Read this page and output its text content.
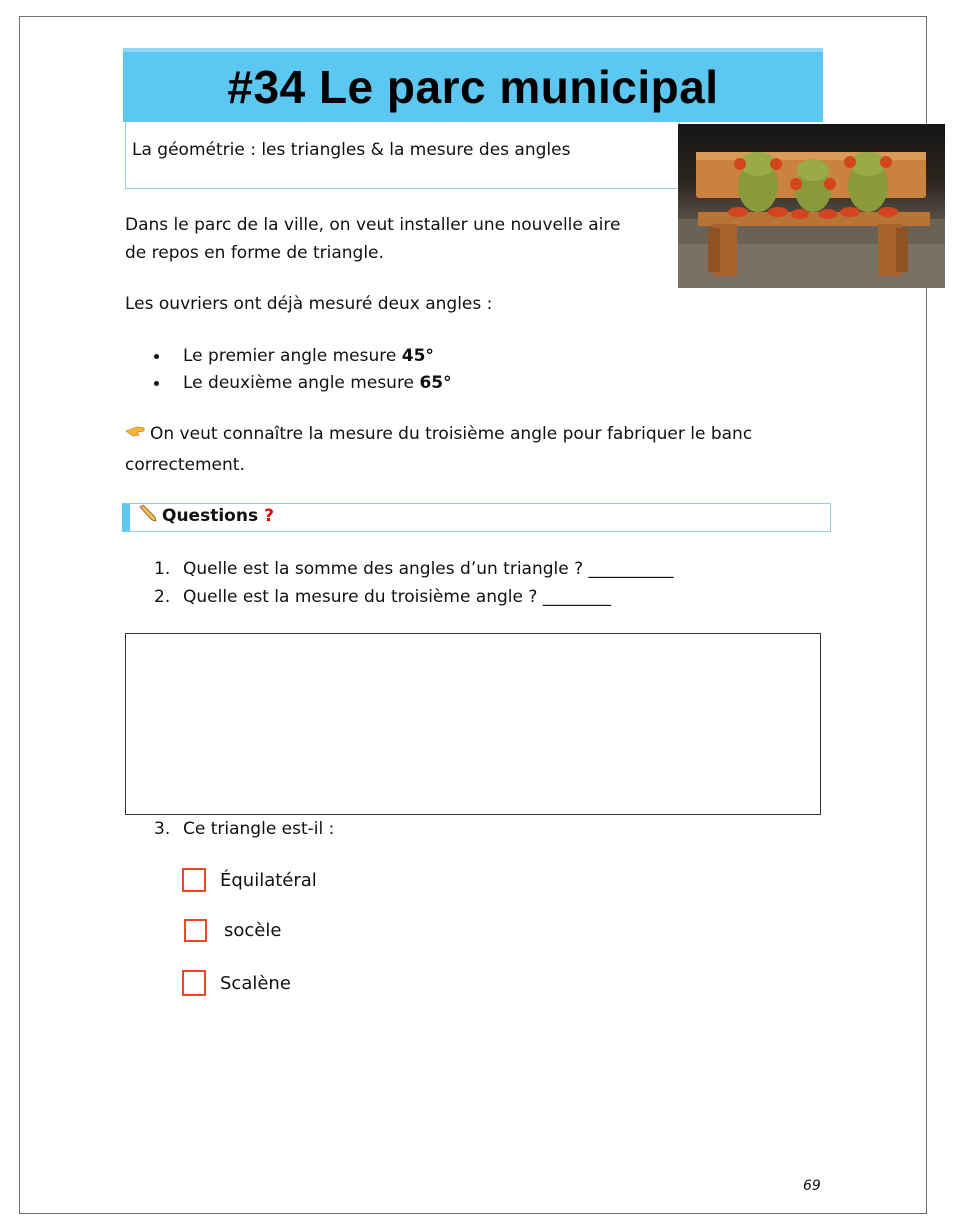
#34 Le parc municipal
La géométrie : les triangles & la mesure des angles
Dans le parc de la ville, on veut installer une nouvelle aire
de repos en forme de triangle.
Les ouvriers ont déjà mesuré deux angles :
Le premier angle mesure 45°
Le deuxième angle mesure 65°
On veut connaître la mesure du troisième angle pour fabriquer le banc
correctement.
Questions ?
1. Quelle est la somme des angles d’un triangle ? __________
2. Quelle est la mesure du troisième angle ? ________
3. Ce triangle est-il :
Équilatéral
socèle
Scalène
69
